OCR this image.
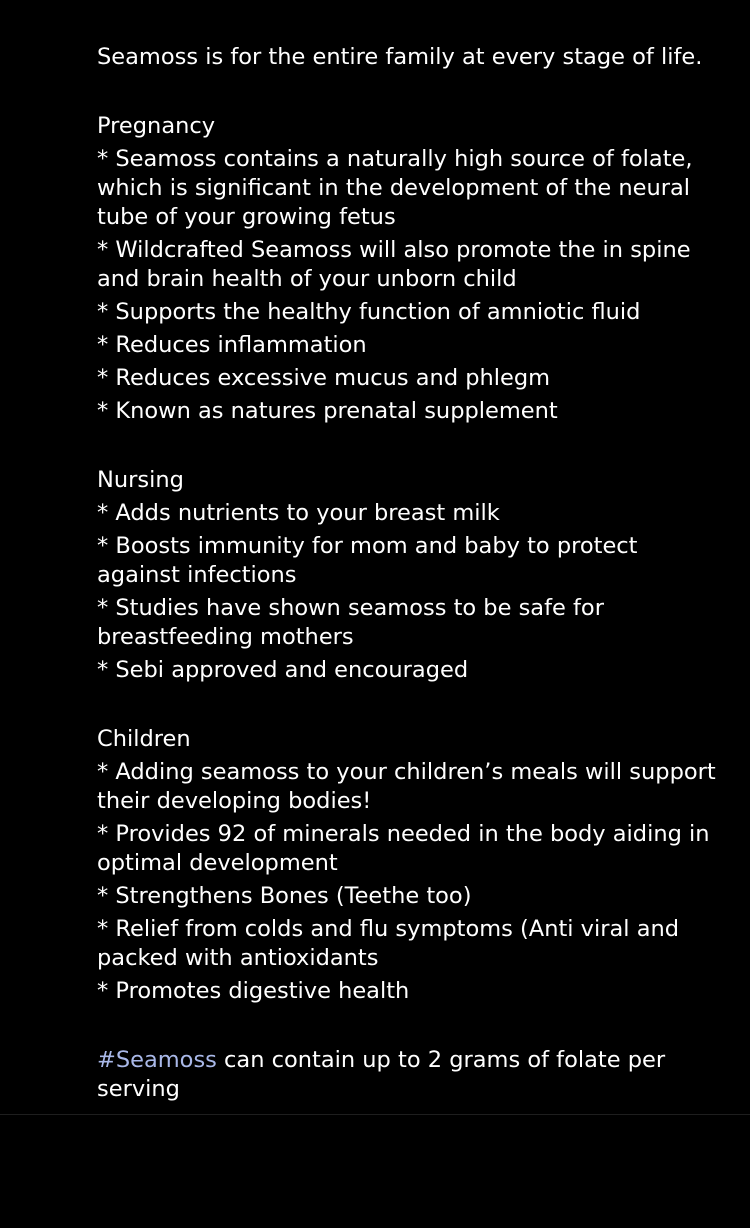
Seamoss is for the entire family at every stage of life.

Pregnancy
* Seamoss contains a naturally high source of folate, which is significant in the development of the neural tube of your growing fetus
* Wildcrafted Seamoss will also promote the in spine and brain health of your unborn child
* Supports the healthy function of amniotic fluid
* Reduces inflammation
* Reduces excessive mucus and phlegm
* Known as natures prenatal supplement
Nursing
* Adds nutrients to your breast milk
* Boosts immunity for mom and baby to protect against infections
* Studies have shown seamoss to be safe for breastfeeding mothers
* Sebi approved and encouraged
Children
* Adding seamoss to your children’s meals will support their developing bodies!
* Provides 92 of minerals needed in the body aiding in optimal development
* Strengthens Bones (Teethe too)
* Relief from colds and flu symptoms (Anti viral and packed with antioxidants
* Promotes digestive health

#Seamoss can contain up to 2 grams of folate per serving
